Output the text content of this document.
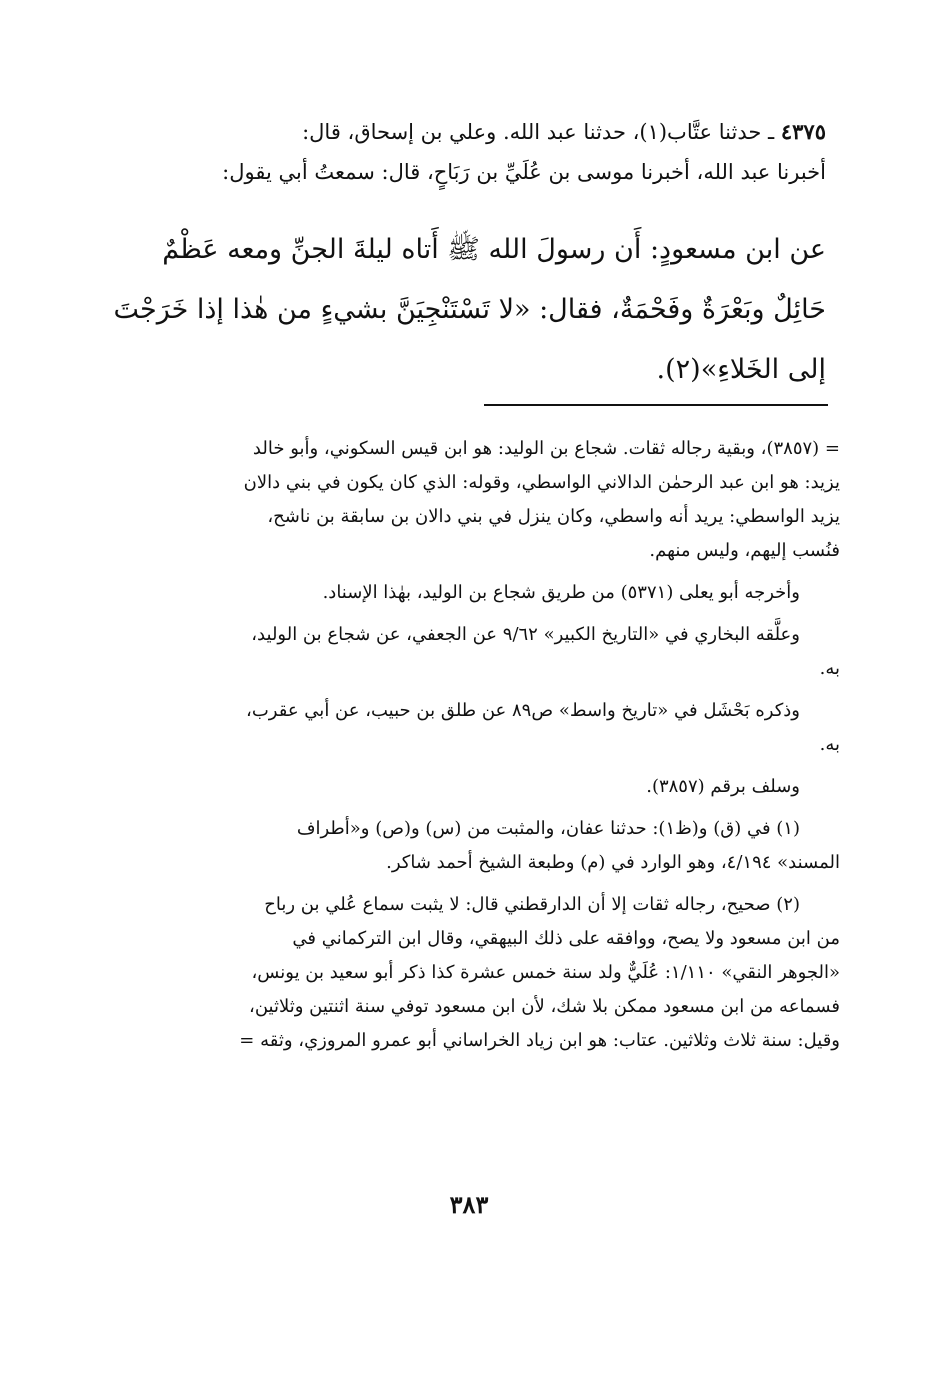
٤٣٧٥ ـ حدثنا عتَّاب(١)، حدثنا عبد الله. وعلي بن إسحاق، قال:
أخبرنا عبد الله، أخبرنا موسى بن عُلَيِّ بن رَبَاحٍ، قال: سمعتُ أبي يقول:
عن ابن مسعودٍ: أَن رسولَ الله ﷺ أَتاه ليلةَ الجنِّ ومعه عَظْمٌ
حَائِلٌ وبَعْرَةٌ وفَحْمَةٌ، فقال: «لا تَسْتَنْجِيَنَّ بشيءٍ من هٰذا إذا خَرَجْتَ
إلى الخَلاءِ»(٢).
= (٣٨٥٧)، وبقية رجاله ثقات. شجاع بن الوليد: هو ابن قيس السكوني، وأبو خالد
يزيد: هو ابن عبد الرحمٰن الدالاني الواسطي، وقوله: الذي كان يكون في بني دالان
يزيد الواسطي: يريد أنه واسطي، وكان ينزل في بني دالان بن سابقة بن ناشح،
فنُسب إليهم، وليس منهم.
وأخرجه أبو يعلى (٥٣٧١) من طريق شجاع بن الوليد، بهٰذا الإسناد.
وعلَّقه البخاري في «التاريخ الكبير» ٩/٦٢ عن الجعفي، عن شجاع بن الوليد،
به.
وذكره بَحْشَل في «تاريخ واسط» ص٨٩ عن طلق بن حبيب، عن أبي عقرب،
به.
وسلف برقم (٣٨٥٧).
(١) في (ق) و(ظ١): حدثنا عفان، والمثبت من (س) و(ص) و«أطراف
المسند» ٤/١٩٤، وهو الوارد في (م) وطبعة الشيخ أحمد شاكر.
(٢) صحيح، رجاله ثقات إلا أن الدارقطني قال: لا يثبت سماع عُلي بن رباح
من ابن مسعود ولا يصح، ووافقه على ذلك البيهقي، وقال ابن التركماني في
«الجوهر النقي» ١/١١٠: عُلَيٌّ ولد سنة خمس عشرة كذا ذكر أبو سعيد بن يونس،
فسماعه من ابن مسعود ممكن بلا شك، لأن ابن مسعود توفي سنة اثنتين وثلاثين،
وقيل: سنة ثلاث وثلاثين. عتاب: هو ابن زياد الخراساني أبو عمرو المروزي، وثقه =
٣٨٣
